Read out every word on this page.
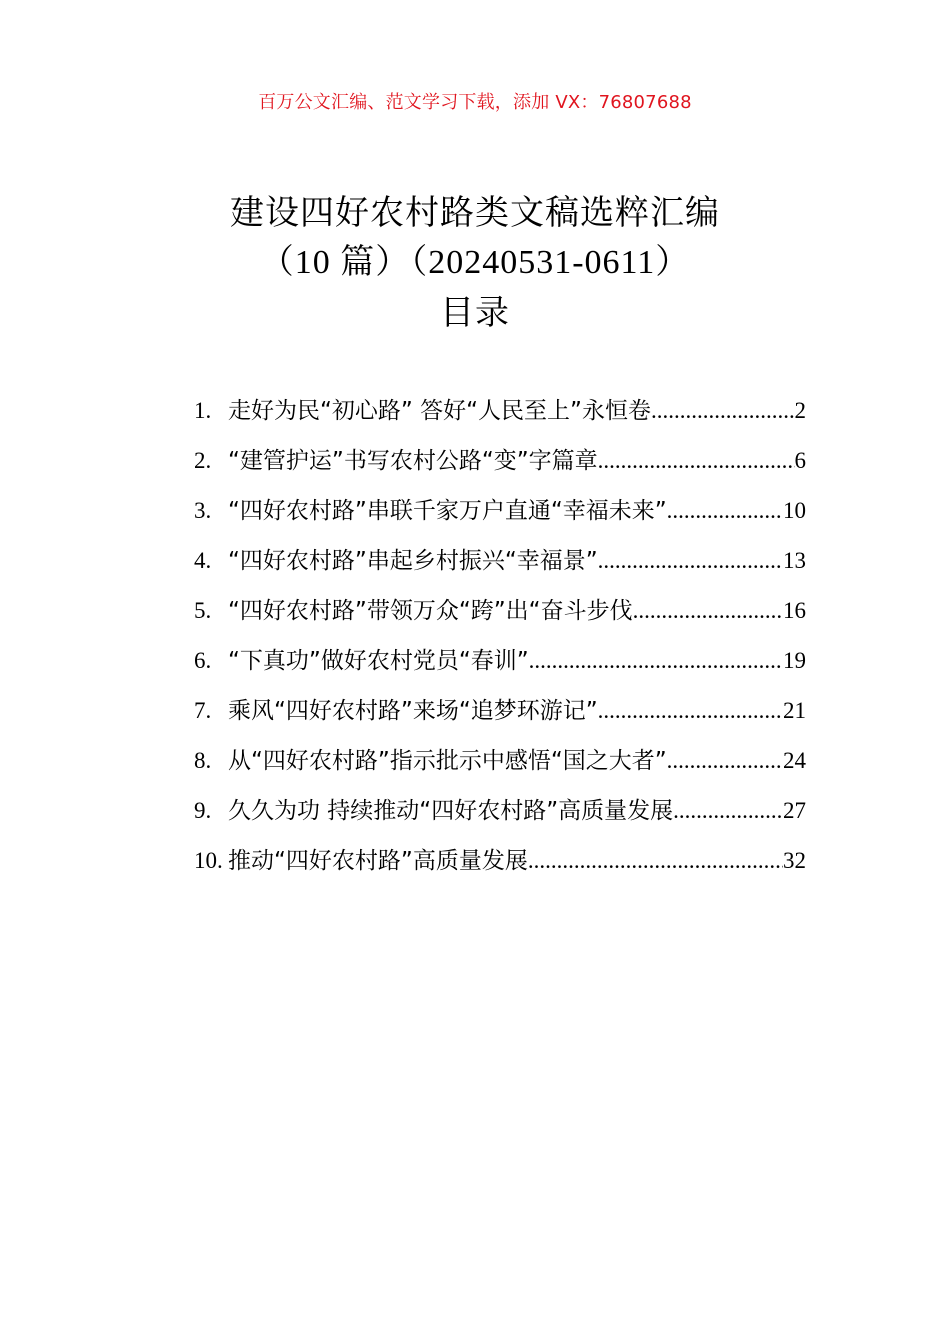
百万公文汇编、范文学习下载，添加 VX：76807688
建设四好农村路类文稿选粹汇编
（10 篇）（20240531-0611）
目录
1. 走好为民“初心路” 答好“人民至上”永恒卷 .....	2
2. “建管护运”书写农村公路“变”字篇章 .....	6
3. “四好农村路”串联千家万户直通“幸福未来” .....	10
4. “四好农村路”串起乡村振兴“幸福景” .....	13
5. “四好农村路”带领万众“跨”出“奋斗步伐 .....	16
6. “下真功”做好农村党员“春训” .....	19
7. 乘风“四好农村路”来场“追梦环游记” .....	21
8. 从“四好农村路”指示批示中感悟“国之大者” .....	24
9. 久久为功 持续推动“四好农村路”高质量发展 .....	27
10. 推动“四好农村路”高质量发展 .....	32
